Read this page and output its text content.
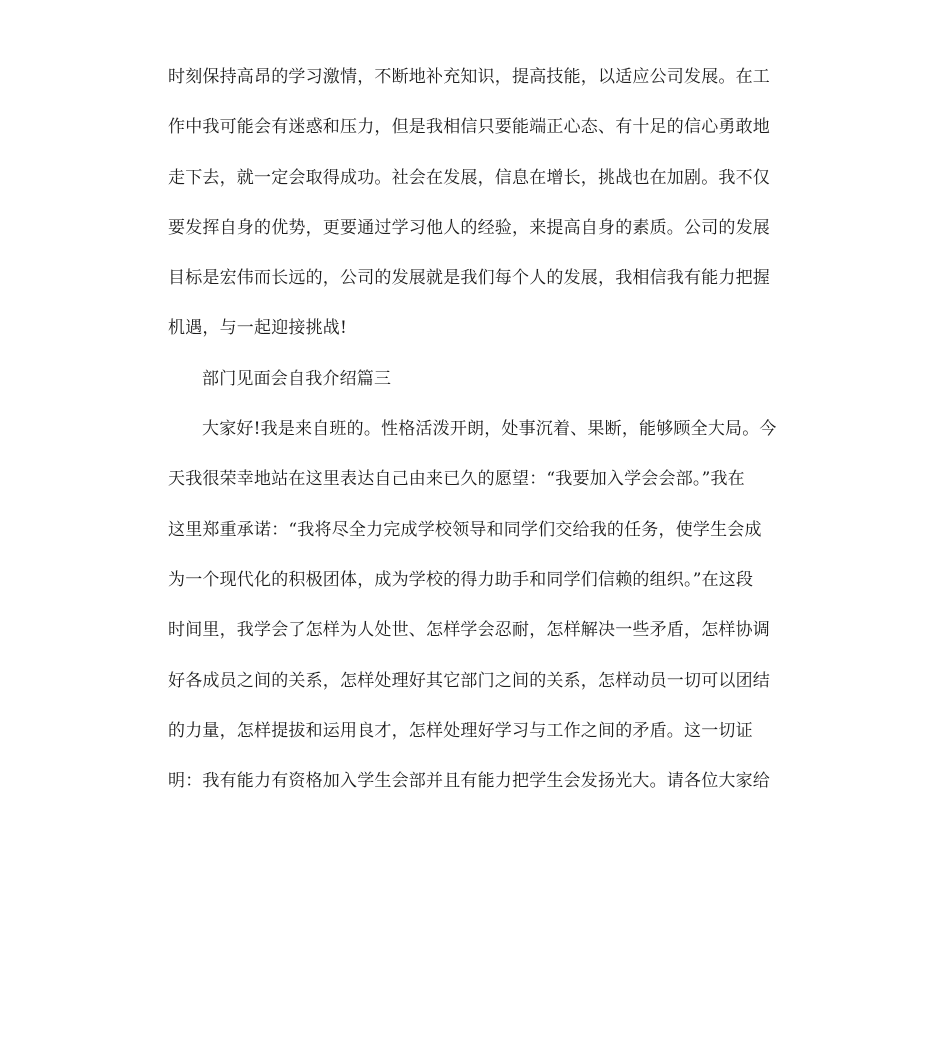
时刻保持高昂的学习激情，不断地补充知识，提高技能，以适应公司发展。在工
作中我可能会有迷惑和压力，但是我相信只要能端正心态、有十足的信心勇敢地
走下去，就一定会取得成功。社会在发展，信息在增长，挑战也在加剧。我不仅
要发挥自身的优势，更要通过学习他人的经验，来提高自身的素质。公司的发展
目标是宏伟而长远的，公司的发展就是我们每个人的发展，我相信我有能力把握
机遇，与一起迎接挑战!
部门见面会自我介绍篇三
大家好!我是来自班的。性格活泼开朗，处事沉着、果断，能够顾全大局。今
天我很荣幸地站在这里表达自己由来已久的愿望：“我要加入学会会部。”我在
这里郑重承诺：“我将尽全力完成学校领导和同学们交给我的任务，使学生会成
为一个现代化的积极团体，成为学校的得力助手和同学们信赖的组织。”在这段
时间里，我学会了怎样为人处世、怎样学会忍耐，怎样解决一些矛盾，怎样协调
好各成员之间的关系，怎样处理好其它部门之间的关系，怎样动员一切可以团结
的力量，怎样提拔和运用良才，怎样处理好学习与工作之间的矛盾。这一切证
明：我有能力有资格加入学生会部并且有能力把学生会发扬光大。请各位大家给
